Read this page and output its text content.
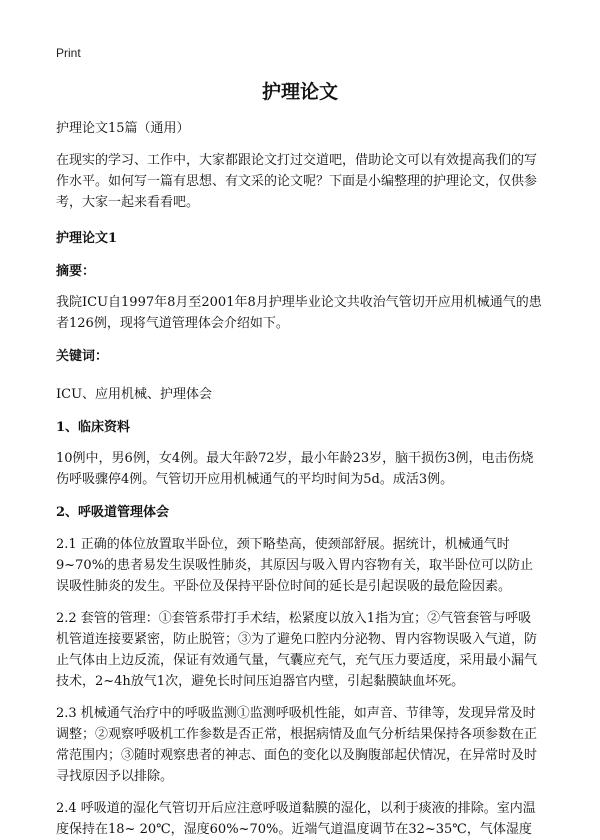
Print
护理论文

护理论文15篇（通用）

在现实的学习、工作中，大家都跟论文打过交道吧，借助论文可以有效提高我们的写作水平。如何写一篇有思想、有文采的论文呢？下面是小编整理的护理论文，仅供参考，大家一起来看看吧。

护理论文1

摘要：

我院ICU自1997年8月至2001年8月护理毕业论文共收治气管切开应用机械通气的患者126例，现将气道管理体会介绍如下。

关键词：

ICU、应用机械、护理体会

1、临床资料

10例中，男6例，女4例。最大年龄72岁，最小年龄23岁，脑干损伤3例，电击伤烧伤呼吸骤停4例。气管切开应用机械通气的平均时间为5d。成活3例。

2、呼吸道管理体会

2.1 正确的体位放置取半卧位，颈下略垫高，使颈部舒展。据统计，机械通气时9~70%的患者易发生误吸性肺炎，其原因与吸入胃内容物有关，取半卧位可以防止误吸性肺炎的发生。平卧位及保持平卧位时间的延长是引起误吸的最危险因素。

2.2 套管的管理：①套管系带打手术结，松紧度以放入1指为宜；②气管套管与呼吸机管道连接要紧密，防止脱管；③为了避免口腔内分泌物、胃内容物误吸入气道，防止气体由上边反流，保证有效通气量，气囊应充气，充气压力要适度，采用最小漏气技术，2~4h放气1次，避免长时间压迫器官内壁，引起黏膜缺血坏死。

2.3 机械通气治疗中的呼吸监测①监测呼吸机性能，如声音、节律等，发现异常及时调整；②观察呼吸机工作参数是否正常，根据病情及血气分析结果保持各项参数在正常范围内；③随时观察患者的神志、面色的变化以及胸腹部起伏情况，在异常时及时寻找原因予以排除。

2.4 呼吸道的湿化气管切开后应注意呼吸道黏膜的湿化，以利于痰液的排除。室内温度保持在18~ 20℃，湿度60%~70%。近端气道温度调节在32~35℃，气体湿度
